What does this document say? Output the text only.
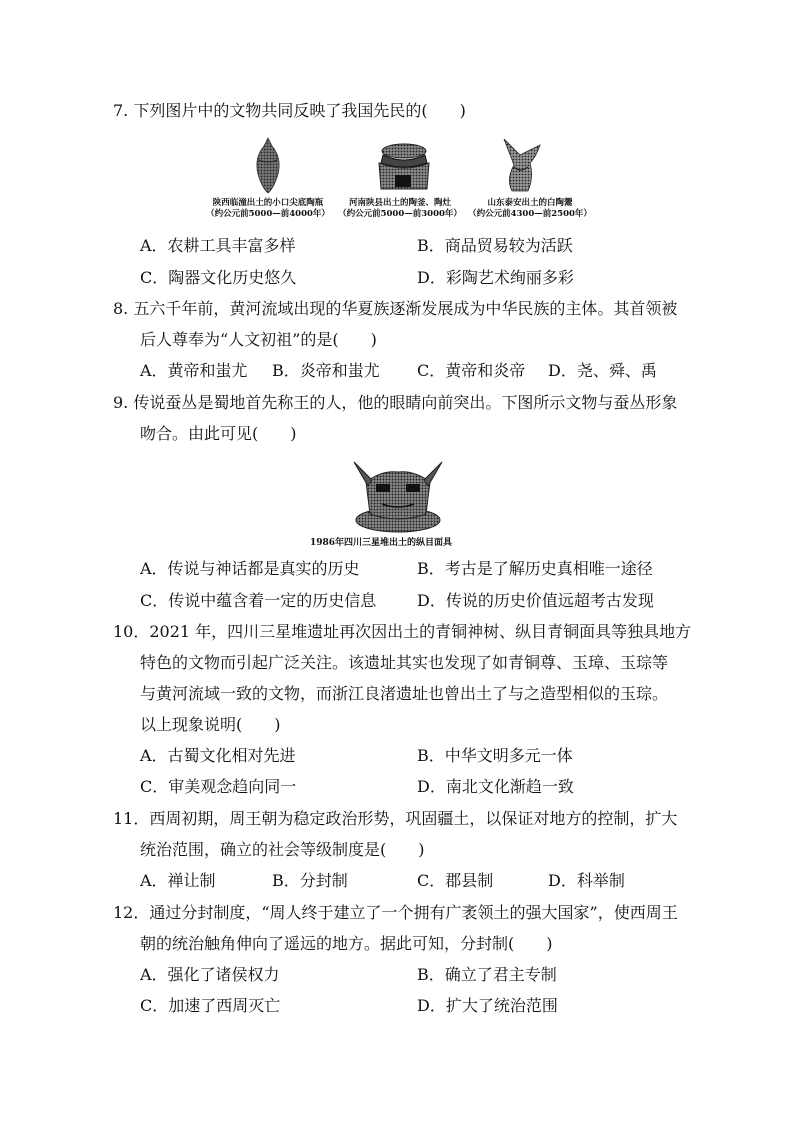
7. 下列图片中的文物共同反映了我国先民的(　　)
陕西临潼出土的小口尖底陶瓶
（约公元前5000—前4000年）
河南陕县出土的陶釜、陶灶
（约公元前5000—前3000年）
山东泰安出土的白陶鬶
（约公元前4300—前2500年）
A．农耕工具丰富多样	B．商品贸易较为活跃
C．陶器文化历史悠久	D．彩陶艺术绚丽多彩
8. 五六千年前，黄河流域出现的华夏族逐渐发展成为中华民族的主体。其首领被
后人尊奉为“人文初祖”的是(　　)
A．黄帝和蚩尤 B．炎帝和蚩尤 C．黄帝和炎帝 D．尧、舜、禹
9. 传说蚕丛是蜀地首先称王的人，他的眼睛向前突出。下图所示文物与蚕丛形象
吻合。由此可见(　　)
1986年四川三星堆出土的纵目面具
A．传说与神话都是真实的历史	B．考古是了解历史真相唯一途径
C．传说中蕴含着一定的历史信息	D．传说的历史价值远超考古发现
10．2021 年，四川三星堆遗址再次因出土的青铜神树、纵目青铜面具等独具地方
特色的文物而引起广泛关注。该遗址其实也发现了如青铜尊、玉璋、玉琮等
与黄河流域一致的文物，而浙江良渚遗址也曾出土了与之造型相似的玉琮。
以上现象说明(　　)
A．古蜀文化相对先进	B．中华文明多元一体
C．审美观念趋向同一	D．南北文化渐趋一致
11．西周初期，周王朝为稳定政治形势，巩固疆土，以保证对地方的控制，扩大
统治范围，确立的社会等级制度是(　　)
A．禅让制	B．分封制	C．郡县制	D．科举制
12．通过分封制度，“周人终于建立了一个拥有广袤领土的强大国家”，使西周王
朝的统治触角伸向了遥远的地方。据此可知，分封制(　　)
A．强化了诸侯权力	B．确立了君主专制
C．加速了西周灭亡	D．扩大了统治范围
